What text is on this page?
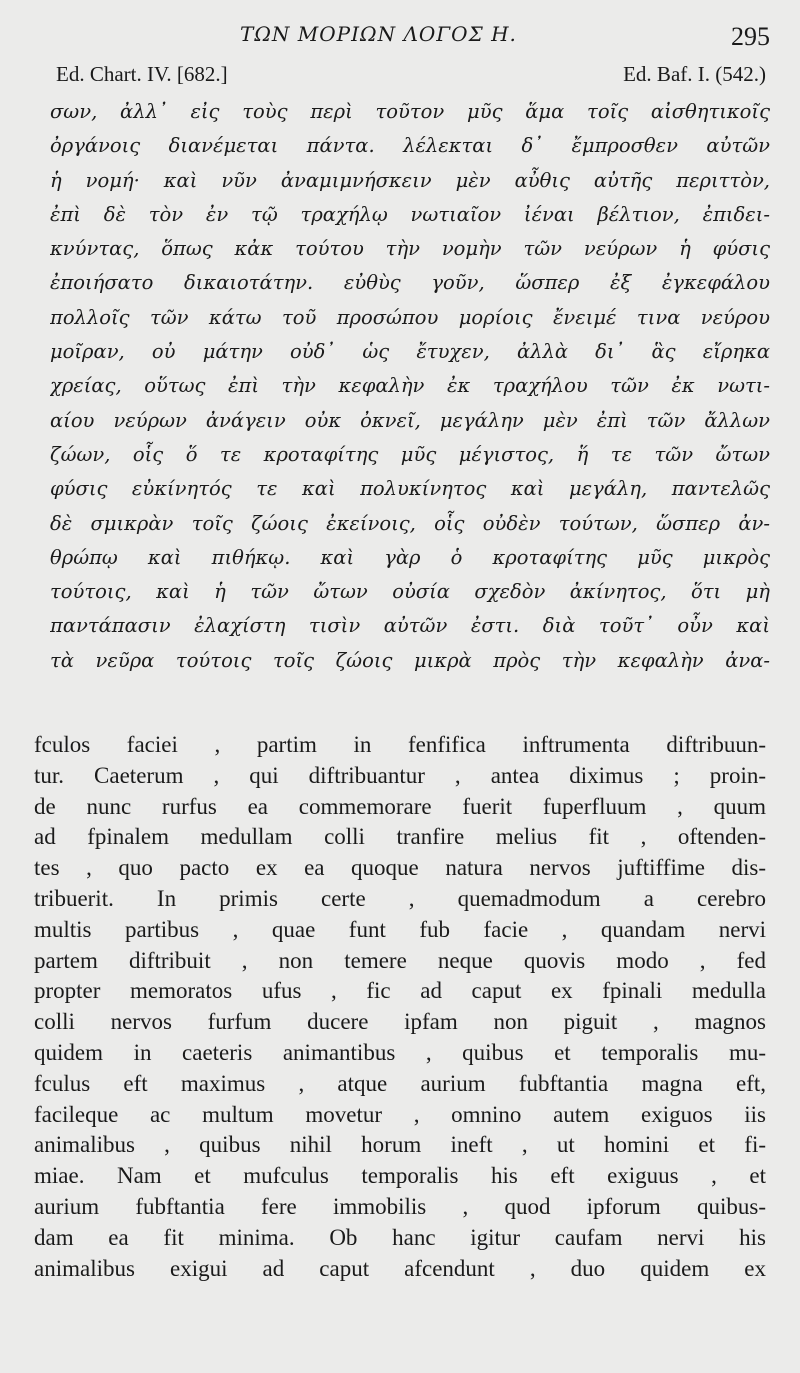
ΤΩΝ ΜΟΡΙΩΝ ΛΟΓΟΣ Η.	295
Ed. Chart. IV. [682.]	Ed. Baf. I. (542.)
σων, ἀλλ᾽ εἰς τοὺς περὶ τοῦτον μῦς ἅμα τοῖς αἰσθητικοῖς
ὀργάνοις διανέμεται πάντα. λέλεκται δ᾽ ἔμπροσθεν αὐτῶν
ἡ νομή· καὶ νῦν ἀναμιμνήσκειν μὲν αὖθις αὐτῆς περιττὸν,
ἐπὶ δὲ τὸν ἐν τῷ τραχήλῳ νωτιαῖον ἰέναι βέλτιον, ἐπιδει-
κνύντας, ὅπως κἀκ τούτου τὴν νομὴν τῶν νεύρων ἡ φύσις
ἐποιήσατο δικαιοτάτην. εὐθὺς γοῦν, ὥσπερ ἐξ ἐγκεφάλου
πολλοῖς τῶν κάτω τοῦ προσώπου μορίοις ἔνειμέ τινα νεύρου
μοῖραν, οὐ μάτην οὐδ᾽ ὡς ἔτυχεν, ἀλλὰ δι᾽ ἃς εἴρηκα
χρείας, οὕτως ἐπὶ τὴν κεφαλὴν ἐκ τραχήλου τῶν ἐκ νωτι-
αίου νεύρων ἀνάγειν οὐκ ὀκνεῖ, μεγάλην μὲν ἐπὶ τῶν ἄλλων
ζώων, οἷς ὅ τε κροταφίτης μῦς μέγιστος, ἥ τε τῶν ὤτων
φύσις εὐκίνητός τε καὶ πολυκίνητος καὶ μεγάλη, παντελῶς
δὲ σμικρὰν τοῖς ζώοις ἐκείνοις, οἷς οὐδὲν τούτων, ὥσπερ ἀν-
θρώπῳ καὶ πιθήκῳ. καὶ γὰρ ὁ κροταφίτης μῦς μικρὸς
τούτοις, καὶ ἡ τῶν ὤτων οὐσία σχεδὸν ἀκίνητος, ὅτι μὴ
παντάπασιν ἐλαχίστη τισὶν αὐτῶν ἐστι. διὰ τοῦτ᾽ οὖν καὶ
τὰ νεῦρα τούτοις τοῖς ζώοις μικρὰ πρὸς τὴν κεφαλὴν ἀνα-
fculos faciei , partim in fenfifica inftrumenta diftribuun-
tur. Caeterum , qui diftribuantur , antea diximus ; proin-
de nunc rurfus ea commemorare fuerit fuperfluum , quum
ad fpinalem medullam colli tranfire melius fit , oftenden-
tes , quo pacto ex ea quoque natura nervos juftiffime dis-
tribuerit. In primis certe , quemadmodum a cerebro
multis partibus , quae funt fub facie , quandam nervi
partem diftribuit , non temere neque quovis modo , fed
propter memoratos ufus , fic ad caput ex fpinali medulla
colli nervos furfum ducere ipfam non piguit , magnos
quidem in caeteris animantibus , quibus et temporalis mu-
fculus eft maximus , atque aurium fubftantia magna eft,
facileque ac multum movetur , omnino autem exiguos iis
animalibus , quibus nihil horum ineft , ut homini et fi-
miae. Nam et mufculus temporalis his eft exiguus , et
aurium fubftantia fere immobilis , quod ipforum quibus-
dam ea fit minima. Ob hanc igitur caufam nervi his
animalibus exigui ad caput afcendunt , duo quidem ex
